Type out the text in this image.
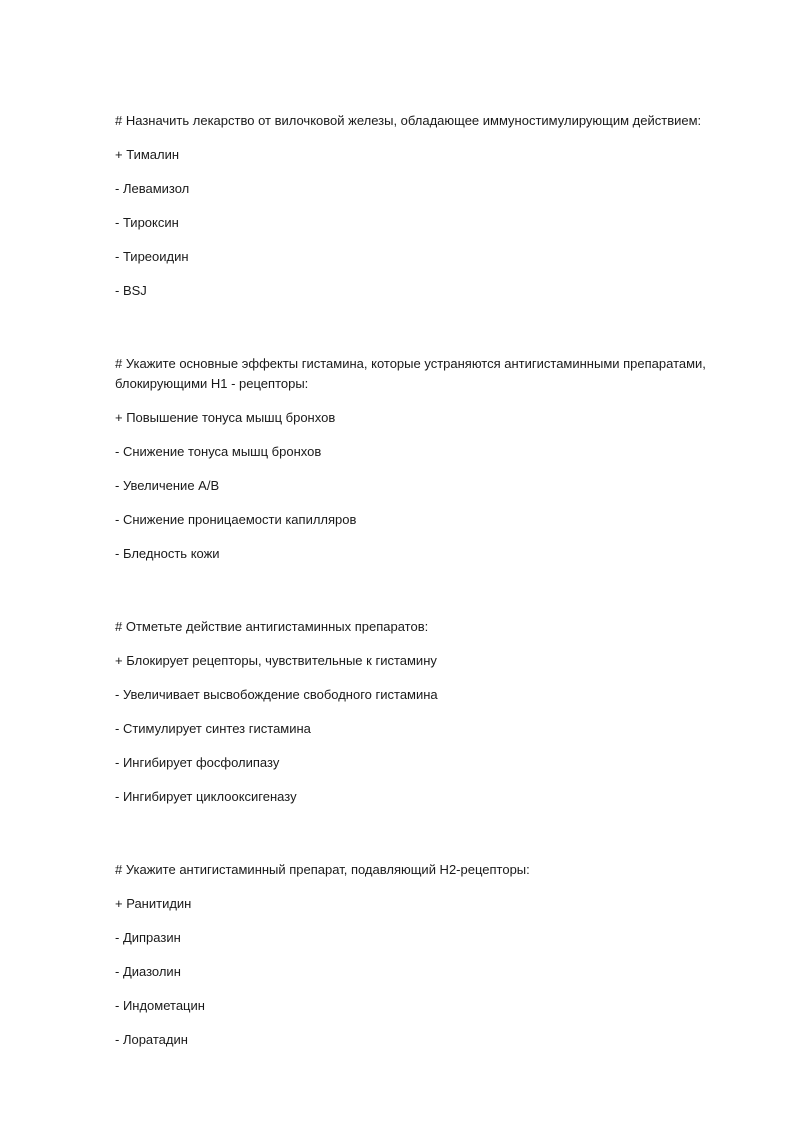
# Назначить лекарство от вилочковой железы, обладающее иммуностимулирующим действием:

+ Тималин

- Левамизол

- Тироксин

- Тиреоидин

- BSJ

# Укажите основные эффекты гистамина, которые устраняются антигистаминными препаратами, блокирующими Н1 - рецепторы:

+ Повышение тонуса мышц бронхов

- Снижение тонуса мышц бронхов

- Увеличение А/В

- Снижение проницаемости капилляров

- Бледность кожи

# Отметьте действие антигистаминных препаратов:

+ Блокирует рецепторы, чувствительные к гистамину

- Увеличивает высвобождение свободного гистамина

- Стимулирует синтез гистамина

- Ингибирует фосфолипазу

- Ингибирует циклооксигеназу

# Укажите антигистаминный препарат, подавляющий Н2-рецепторы:

+ Ранитидин

- Дипразин

- Диазолин

- Индометацин

- Лоратадин
